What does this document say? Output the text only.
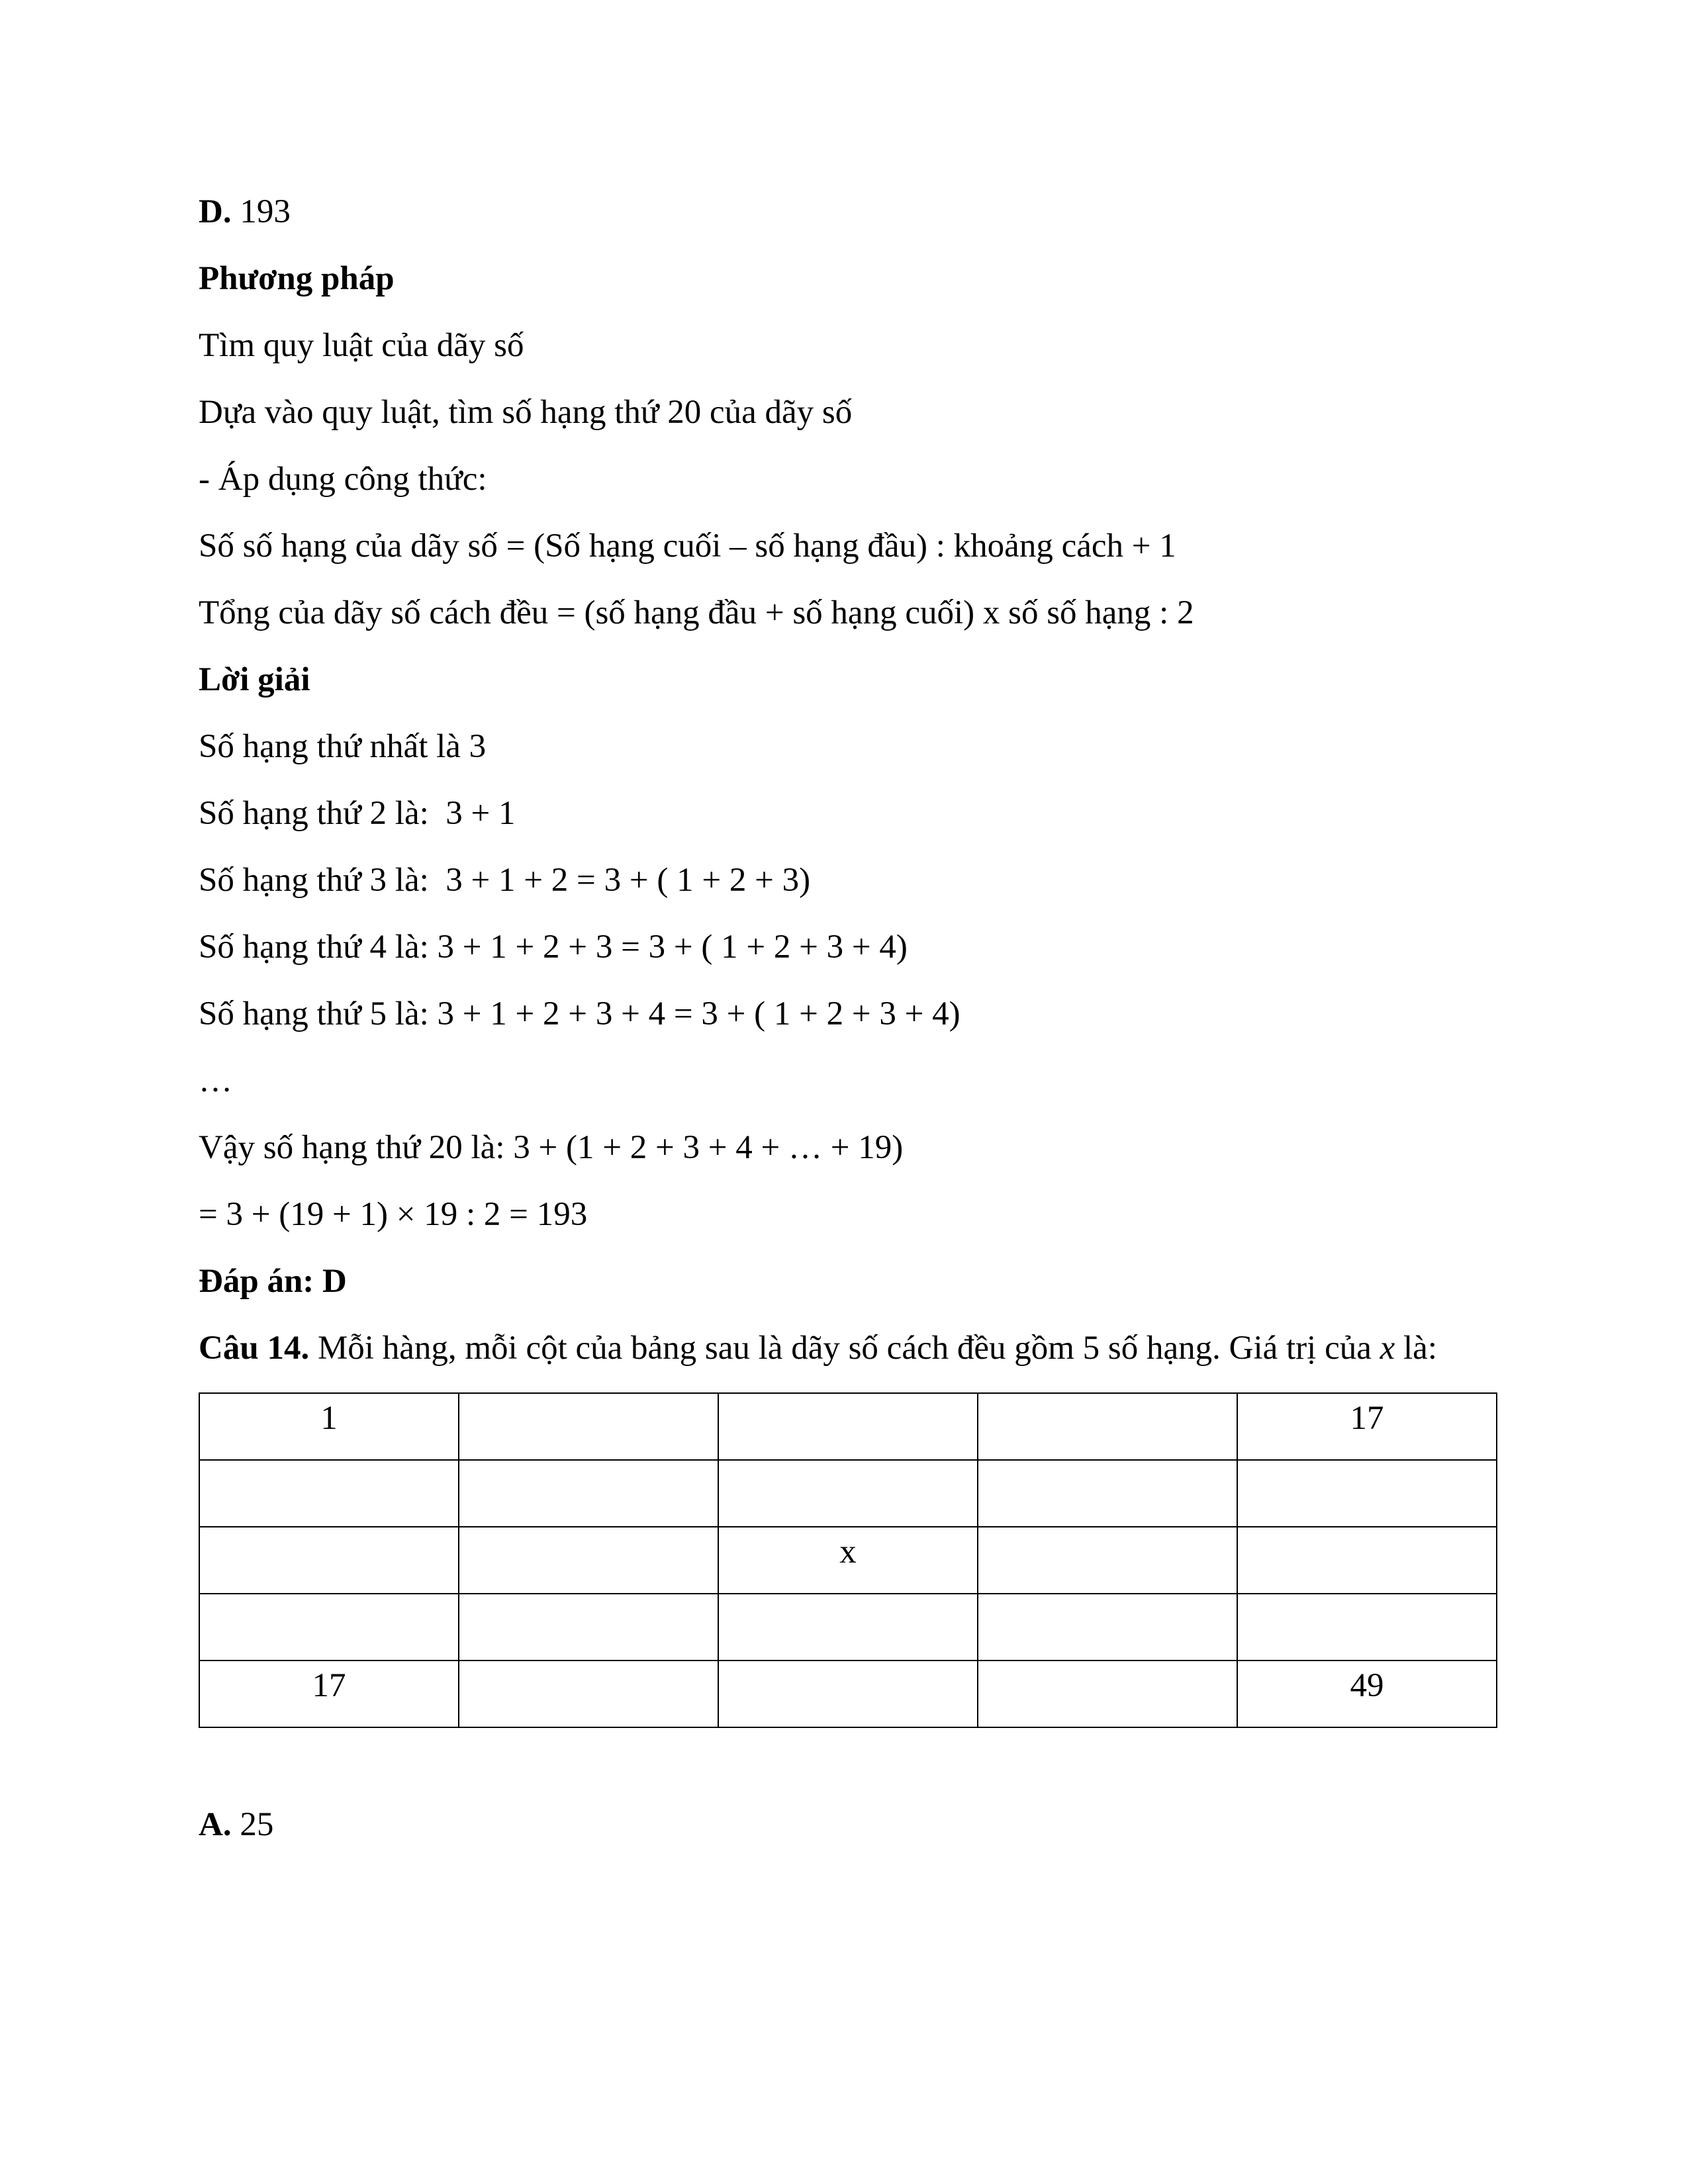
D. 193
Phương pháp
Tìm quy luật của dãy số
Dựa vào quy luật, tìm số hạng thứ 20 của dãy số
- Áp dụng công thức:
Số số hạng của dãy số = (Số hạng cuối – số hạng đầu) : khoảng cách + 1
Tổng của dãy số cách đều = (số hạng đầu + số hạng cuối) x số số hạng : 2
Lời giải
Số hạng thứ nhất là 3
Số hạng thứ 2 là:  3 + 1
Số hạng thứ 3 là:  3 + 1 + 2 = 3 + ( 1 + 2 + 3)
Số hạng thứ 4 là: 3 + 1 + 2 + 3 = 3 + ( 1 + 2 + 3 + 4)
Số hạng thứ 5 là: 3 + 1 + 2 + 3 + 4 = 3 + ( 1 + 2 + 3 + 4)
…
Vậy số hạng thứ 20 là: 3 + (1 + 2 + 3 + 4 + … + 19)
= 3 + (19 + 1) × 19 : 2 = 193
Đáp án: D
Câu 14. Mỗi hàng, mỗi cột của bảng sau là dãy số cách đều gồm 5 số hạng. Giá trị của x là:
1				17

		x		

17				49
A. 25
